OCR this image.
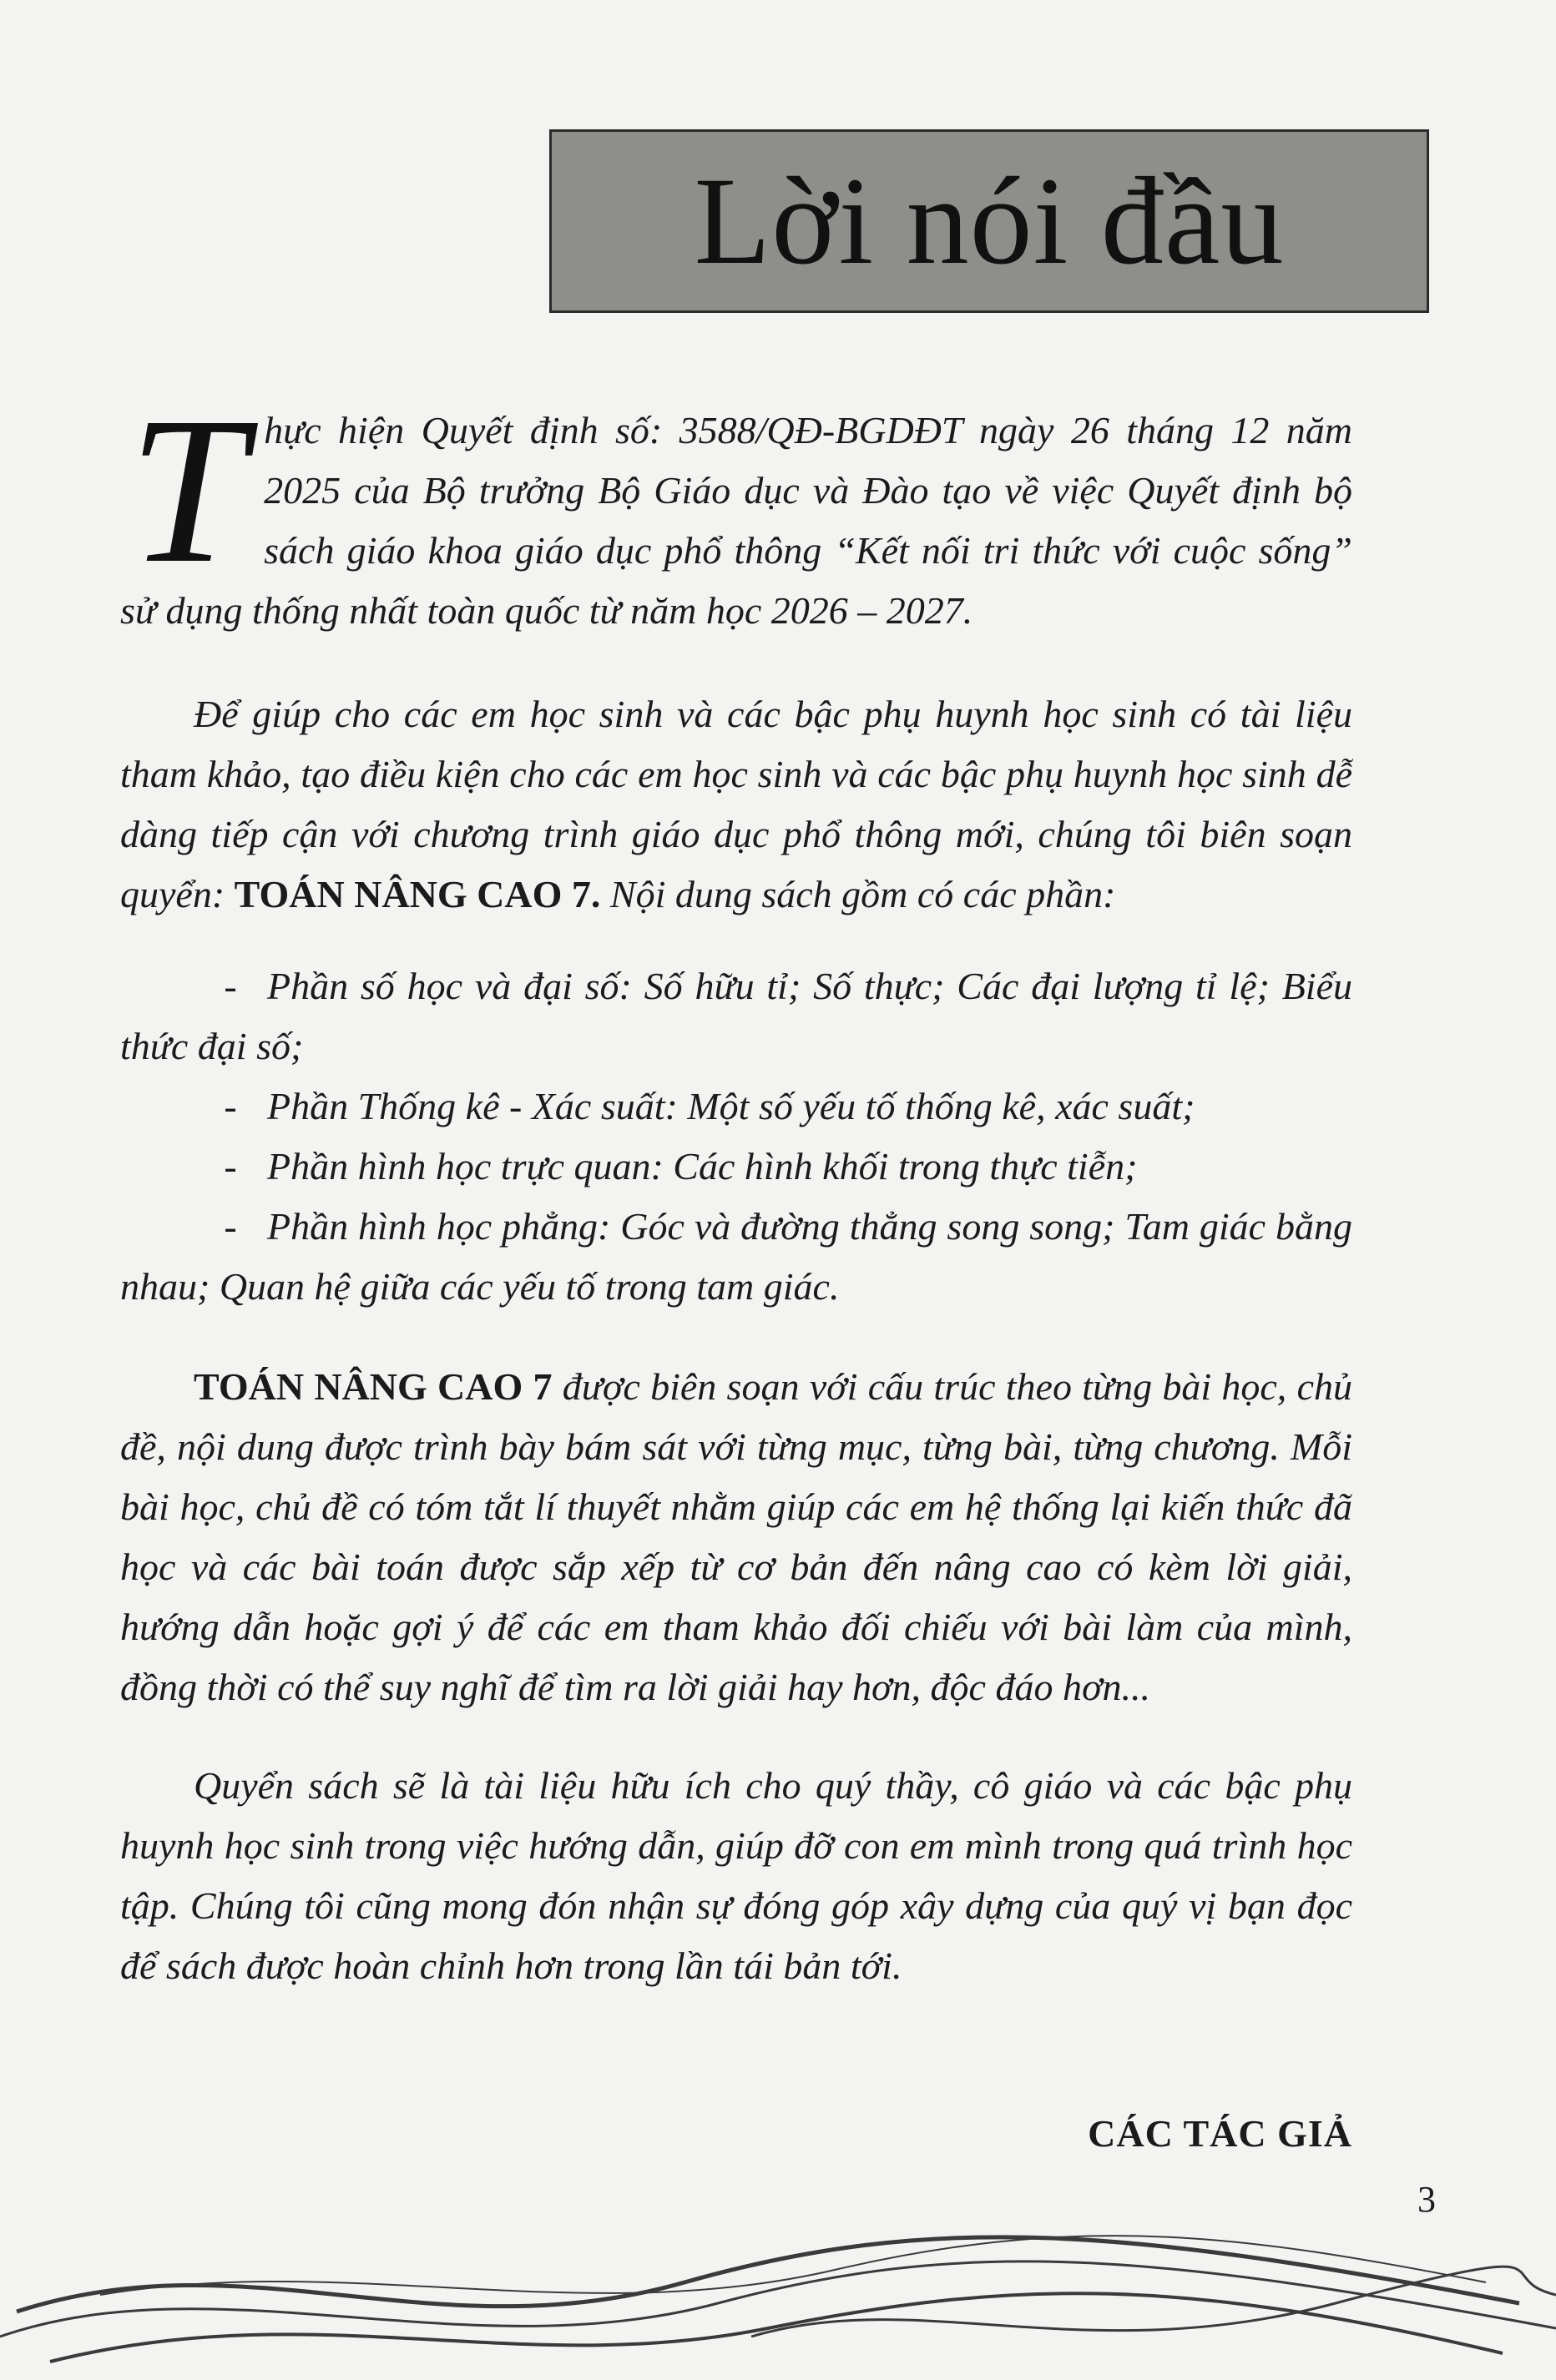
Lời nói đầu
T hực hiện Quyết định số: 3588/QĐ-BGDĐT ngày 26 tháng 12 năm 2025 của Bộ trưởng Bộ Giáo dục và Đào tạo về việc Quyết định bộ sách giáo khoa giáo dục phổ thông “Kết nối tri thức với cuộc sống” sử dụng thống nhất toàn quốc từ năm học 2026 – 2027.
Để giúp cho các em học sinh và các bậc phụ huynh học sinh có tài liệu tham khảo, tạo điều kiện cho các em học sinh và các bậc phụ huynh học sinh dễ dàng tiếp cận với chương trình giáo dục phổ thông mới, chúng tôi biên soạn quyển: TOÁN NÂNG CAO 7. Nội dung sách gồm có các phần:
- Phần số học và đại số: Số hữu tỉ; Số thực; Các đại lượng tỉ lệ; Biểu thức đại số;
- Phần Thống kê - Xác suất: Một số yếu tố thống kê, xác suất;
- Phần hình học trực quan: Các hình khối trong thực tiễn;
- Phần hình học phẳng: Góc và đường thẳng song song; Tam giác bằng nhau; Quan hệ giữa các yếu tố trong tam giác.
TOÁN NÂNG CAO 7 được biên soạn với cấu trúc theo từng bài học, chủ đề, nội dung được trình bày bám sát với từng mục, từng bài, từng chương. Mỗi bài học, chủ đề có tóm tắt lí thuyết nhằm giúp các em hệ thống lại kiến thức đã học và các bài toán được sắp xếp từ cơ bản đến nâng cao có kèm lời giải, hướng dẫn hoặc gợi ý để các em tham khảo đối chiếu với bài làm của mình, đồng thời có thể suy nghĩ để tìm ra lời giải hay hơn, độc đáo hơn...
Quyển sách sẽ là tài liệu hữu ích cho quý thầy, cô giáo và các bậc phụ huynh học sinh trong việc hướng dẫn, giúp đỡ con em mình trong quá trình học tập. Chúng tôi cũng mong đón nhận sự đóng góp xây dựng của quý vị bạn đọc để sách được hoàn chỉnh hơn trong lần tái bản tới.
CÁC TÁC GIẢ
3
